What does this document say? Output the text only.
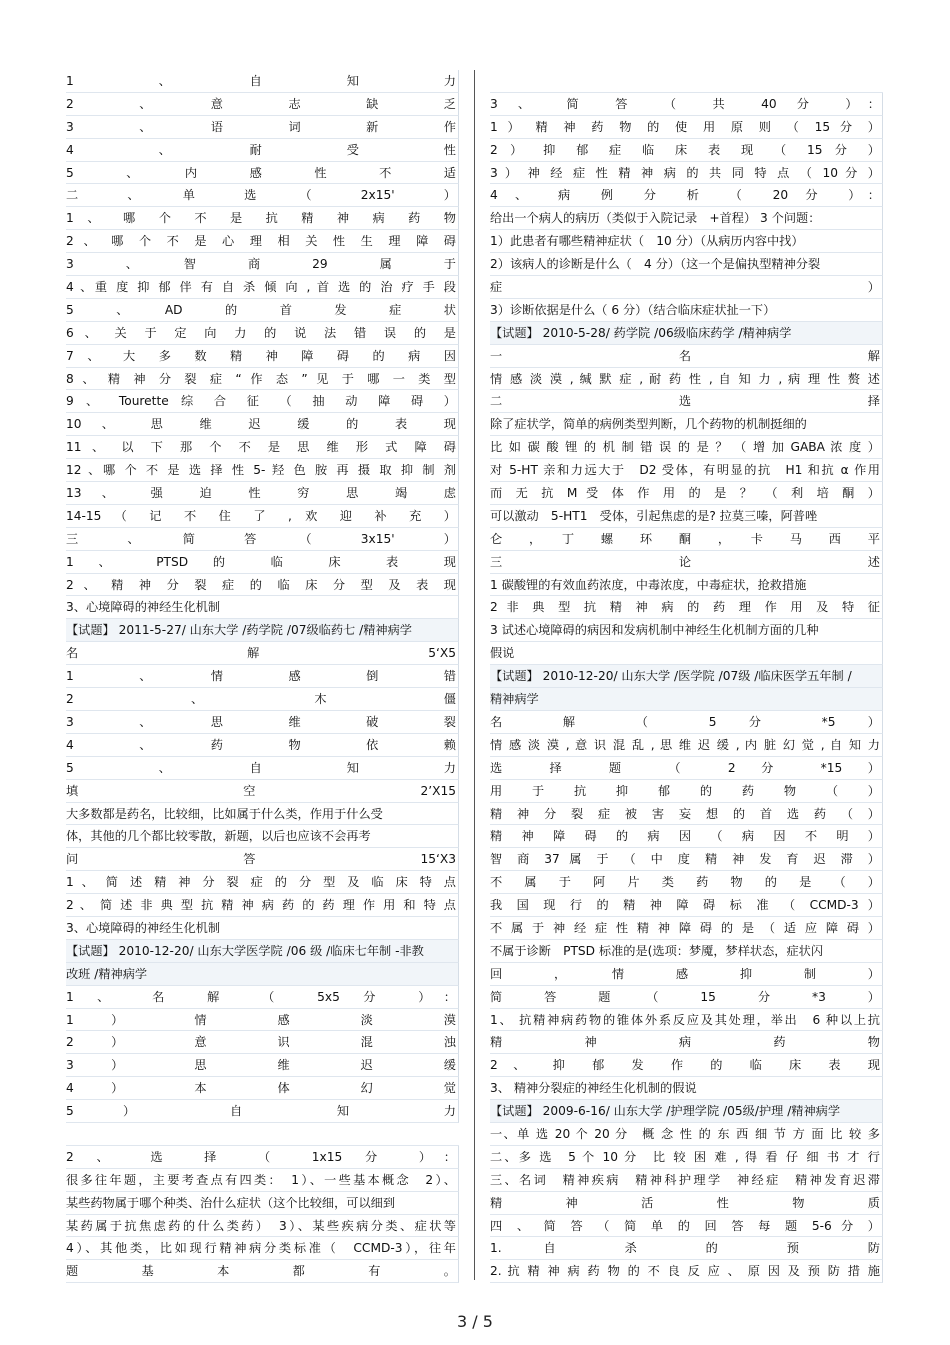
1　　、　　自　　知　　力
2　　、　　意　　志　　缺　　乏
3　　、　　语　　词　　新　　作
4　　、　　耐　　受　　性
5　　、　　内　　感　　性　　不　　适
二　、　单　选　（　2x15'　）
1 、 哪 个 不 是 抗 精 神 病 药 物
2 、 哪 个 不 是 心 理 相 关 性 生 理 障 碍
3　　、　　智　　商　　29　　属　　于
4 、重 度 抑 郁 伴 有 自 杀 倾 向 , 首 选 的 治 疗 手 段
5　　、　　AD　　的　　首　　发　　症　　状
6 、 关 于 定 向 力 的 说 法 错 误 的 是
7 、 大 多 数 精 神 障 碍 的 病 因
8 、 精 神 分 裂 症 “ 作 态 ” 见 于 哪 一 类 型
9 、 Tourette 综 合 征 （ 抽 动 障 碍 ）
10 、 思 维 迟 缓 的 表 现
11 、 以 下 那 个 不 是 思 维 形 式 障 碍
12 、哪 个 不 是 选 择 性 5- 羟 色 胺 再 摄 取 抑 制 剂
13 、 强 迫 性 穷 思 竭 虑
14-15 （ 记 不 住 了 , 欢 迎 补 充 ）
三　、　简　答　（　3x15'　）
1 、 PTSD 的 临 床 表 现
2 、 精 神 分 裂 症 的 临 床 分 型 及 表 现
3、心境障碍的神经生化机制
【试题】 2011-5-27/ 山东大学 /药学院 /07级临药七 /精神病学
名　　解　　5‘X5
1　　、　　情　　感　　倒　　错
2　　、　　木　　僵
3　　、　　思　　维　　破　　裂
4　　、　　药　　物　　依　　赖
5　　、　　自　　知　　力
填　　空　　2’X15
大多数都是药名，比较细，比如属于什么类，作用于什么受
体，其他的几个都比较零散，新题，以后也应该不会再考
问　　答　　15‘X3
1 、 简 述 精 神 分 裂 症 的 分 型 及 临 床 特 点
2 、 简 述 非 典 型 抗 精 神 病 药 的 药 理 作 用 和 特 点
3、心境障碍的神经生化机制
【试题】 2010-12-20/ 山东大学医学院 /06 级 /临床七年制 -非教
改班 /精神病学
1 、 名 解 （ 5x5 分 ）：
1 ） 情 感 淡 漠
2 ） 意 识 混 浊
3 ） 思 维 迟 缓
4 ） 本 体 幻 觉
5 ） 自 知 力
2 、 选 择 （ 1x15 分 ）：
很多往年题，主要考查点有四类：　1）、一些基本概念　2）、
某些药物属于哪个种类、治什么症状（这个比较细，可以细到
某药属于抗焦虑药的什么类药）　3）、某些疾病分类、症状等
4）、其他类，比如现行精神病分类标准（　CCMD-3），往年
题　　基　　本　　都　　有　　。
3 、 简 答 （ 共 40 分 ）：
1 ） 精 神 药 物 的 使 用 原 则 （ 15 分 ）
2 ） 抑 郁 症 临 床 表 现 （ 15 分 ）
3 ） 神 经 症 性 精 神 病 的 共 同 特 点 （ 10 分 ）
4 、 病 例 分 析 （ 20 分 ）：
给出一个病人的病历（类似于入院记录　+首程） 3 个问题：
1）此患者有哪些精神症状（　10 分）（从病历内容中找）
2）该病人的诊断是什么（　4 分）（这一个是偏执型精神分裂
症　　）
3）诊断依据是什么（ 6 分）（结合临床症状扯一下）
【试题】 2010-5-28/ 药学院 /06级临床药学 /精神病学
一　　名　　解
情 感 淡 漠 , 缄 默 症 , 耐 药 性 , 自 知 力 , 病 理 性 赘 述
二　　选　　择
除了症状学，简单的病例类型判断，几个药物的机制挺细的
比 如 碳 酸 锂 的 机 制 错 误 的 是 ？ （ 增 加 GABA 浓 度 ）
对 5-HT 亲和力远大于　D2 受体，有明显的抗　H1 和抗 α 作用
而 无 抗 M 受 体 作 用 的 是 ？ （ 利 培 酮 ）
可以激动　5-HT1　受体，引起焦虑的是? 拉莫三嗪，阿普唑
仑　，　丁　螺　环　酮　，　卡　马　西　平
三　　论　　述
1 碳酸锂的有效血药浓度，中毒浓度，中毒症状，抢救措施
2 非 典 型 抗 精 神 病 的 药 理 作 用 及 特 征
3 试述心境障碍的病因和发病机制中神经生化机制方面的几种
假说
【试题】 2010-12-20/ 山东大学 /医学院 /07级 /临床医学五年制 /
精神病学
名 解 （ 5 分 *5 ）
情 感 淡 漠 , 意 识 混 乱 , 思 维 迟 缓 , 内 脏 幻 觉 , 自 知 力
选 择 题 （ 2 分 *15 ）
用 于 抗 抑 郁 的 药 物 （ ）
精 神 分 裂 症 被 害 妄 想 的 首 选 药 （ ）
精 神 障 碍 的 病 因 （ 病 因 不 明 ）
智 商 37 属 于 （ 中 度 精 神 发 育 迟 滞 ）
不 属 于 阿 片 类 药 物 的 是 （ ）
我 国 现 行 的 精 神 障 碍 标 准 （ CCMD-3 ）
不 属 于 神 经 症 性 精 神 障 碍 的 是 （ 适 应 障 碍 ）
不属于诊断　PTSD 标准的是(选项：梦魇，梦样状态，症状闪
回　　，　　情　　感　　抑　　制　　）
简　答　题　（　15　分　*3　）
1、 抗精神病药物的锥体外系反应及其处理，举出　6 种以上抗
精　　神　　病　　药　　物
2 、 抑 郁 发 作 的 临 床 表 现
3、 精神分裂症的神经生化机制的假说
【试题】 2009-6-16/ 山东大学 /护理学院 /05级/护理 /精神病学
一、单 选 20 个 20 分　概 念 性 的 东 西 细 节 方 面 比 较 多
二、多 选　5 个 10 分　比 较 困 难 , 得 看 仔 细 书 才 行
三、名词　精神疾病　精神科护理学　神经症　精神发育迟滞
精　　神　　活　　性　　物　　质
四 、 简 答 （ 简 单 的 回 答 每 题 5-6 分 ）
1.　自　　杀　　的　　预　　防
2. 抗 精 神 病 药 物 的 不 良 反 应 、 原 因 及 预 防 措 施
3 / 5
